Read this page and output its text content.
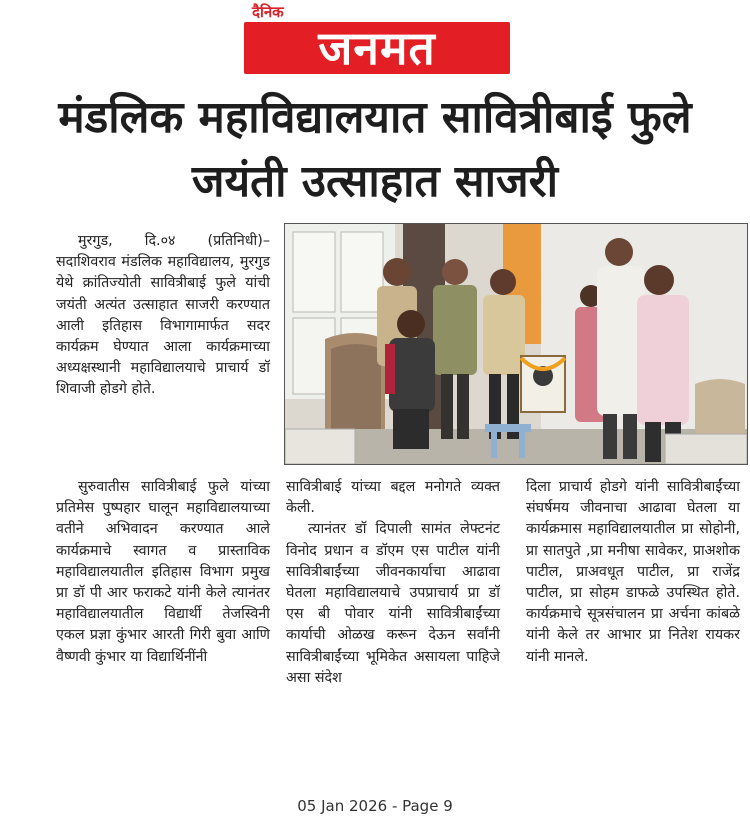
दैनिक
जनमत
मंडलिक महाविद्यालयात सावित्रीबाई फुले जयंती उत्साहात साजरी

मुरगुड, दि.०४ (प्रतिनिधी)– सदाशिवराव मंडलिक महाविद्यालय, मुरगुड येथे क्रांतिज्योती सावित्रीबाई फुले यांची जयंती अत्यंत उत्साहात साजरी करण्यात आली इतिहास विभागामार्फत सदर कार्यक्रम घेण्यात आला कार्यक्रमाच्या अध्यक्षस्थानी महाविद्यालयाचे प्राचार्य डॉ शिवाजी होडगे होते.

सुरुवातीस सावित्रीबाई फुले यांच्या प्रतिमेस पुष्पहार घालून महाविद्यालयाच्या वतीने अभिवादन करण्यात आले कार्यक्रमाचे स्वागत व प्रास्ताविक महाविद्यालयातील इतिहास विभाग प्रमुख प्रा डॉ पी आर फराकटे यांनी केले त्यानंतर महाविद्यालयातील विद्यार्थी तेजस्विनी एकल प्रज्ञा कुंभार आरती गिरी बुवा आणि वैष्णवी कुंभार या विद्यार्थिनींनी

सावित्रीबाई यांच्या बद्दल मनोगते व्यक्त केली.

त्यानंतर डॉ दिपाली सामंत लेफ्टनंट विनोद प्रधान व डॉएम एस पाटील यांनी सावित्रीबाईंच्या जीवनकार्याचा आढावा घेतला महाविद्यालयाचे उपप्राचार्य प्रा डॉ एस बी पोवार यांनी सावित्रीबाईंच्या कार्याची ओळख करून देऊन सर्वांनी सावित्रीबाईंच्या भूमिकेत असायला पाहिजे असा संदेश

दिला प्राचार्य होडगे यांनी सावित्रीबाईंच्या संघर्षमय जीवनाचा आढावा घेतला या कार्यक्रमास महाविद्यालयातील प्रा सोहोनी, प्रा सातपुते ,प्रा मनीषा सावेकर, प्राअशोक पाटील, प्राअवधूत पाटील, प्रा राजेंद्र पाटील, प्रा सोहम डाफळे उपस्थित होते. कार्यक्रमाचे सूत्रसंचालन प्रा अर्चना कांबळे यांनी केले तर आभार प्रा नितेश रायकर यांनी मानले.

05 Jan 2026 - Page 9
